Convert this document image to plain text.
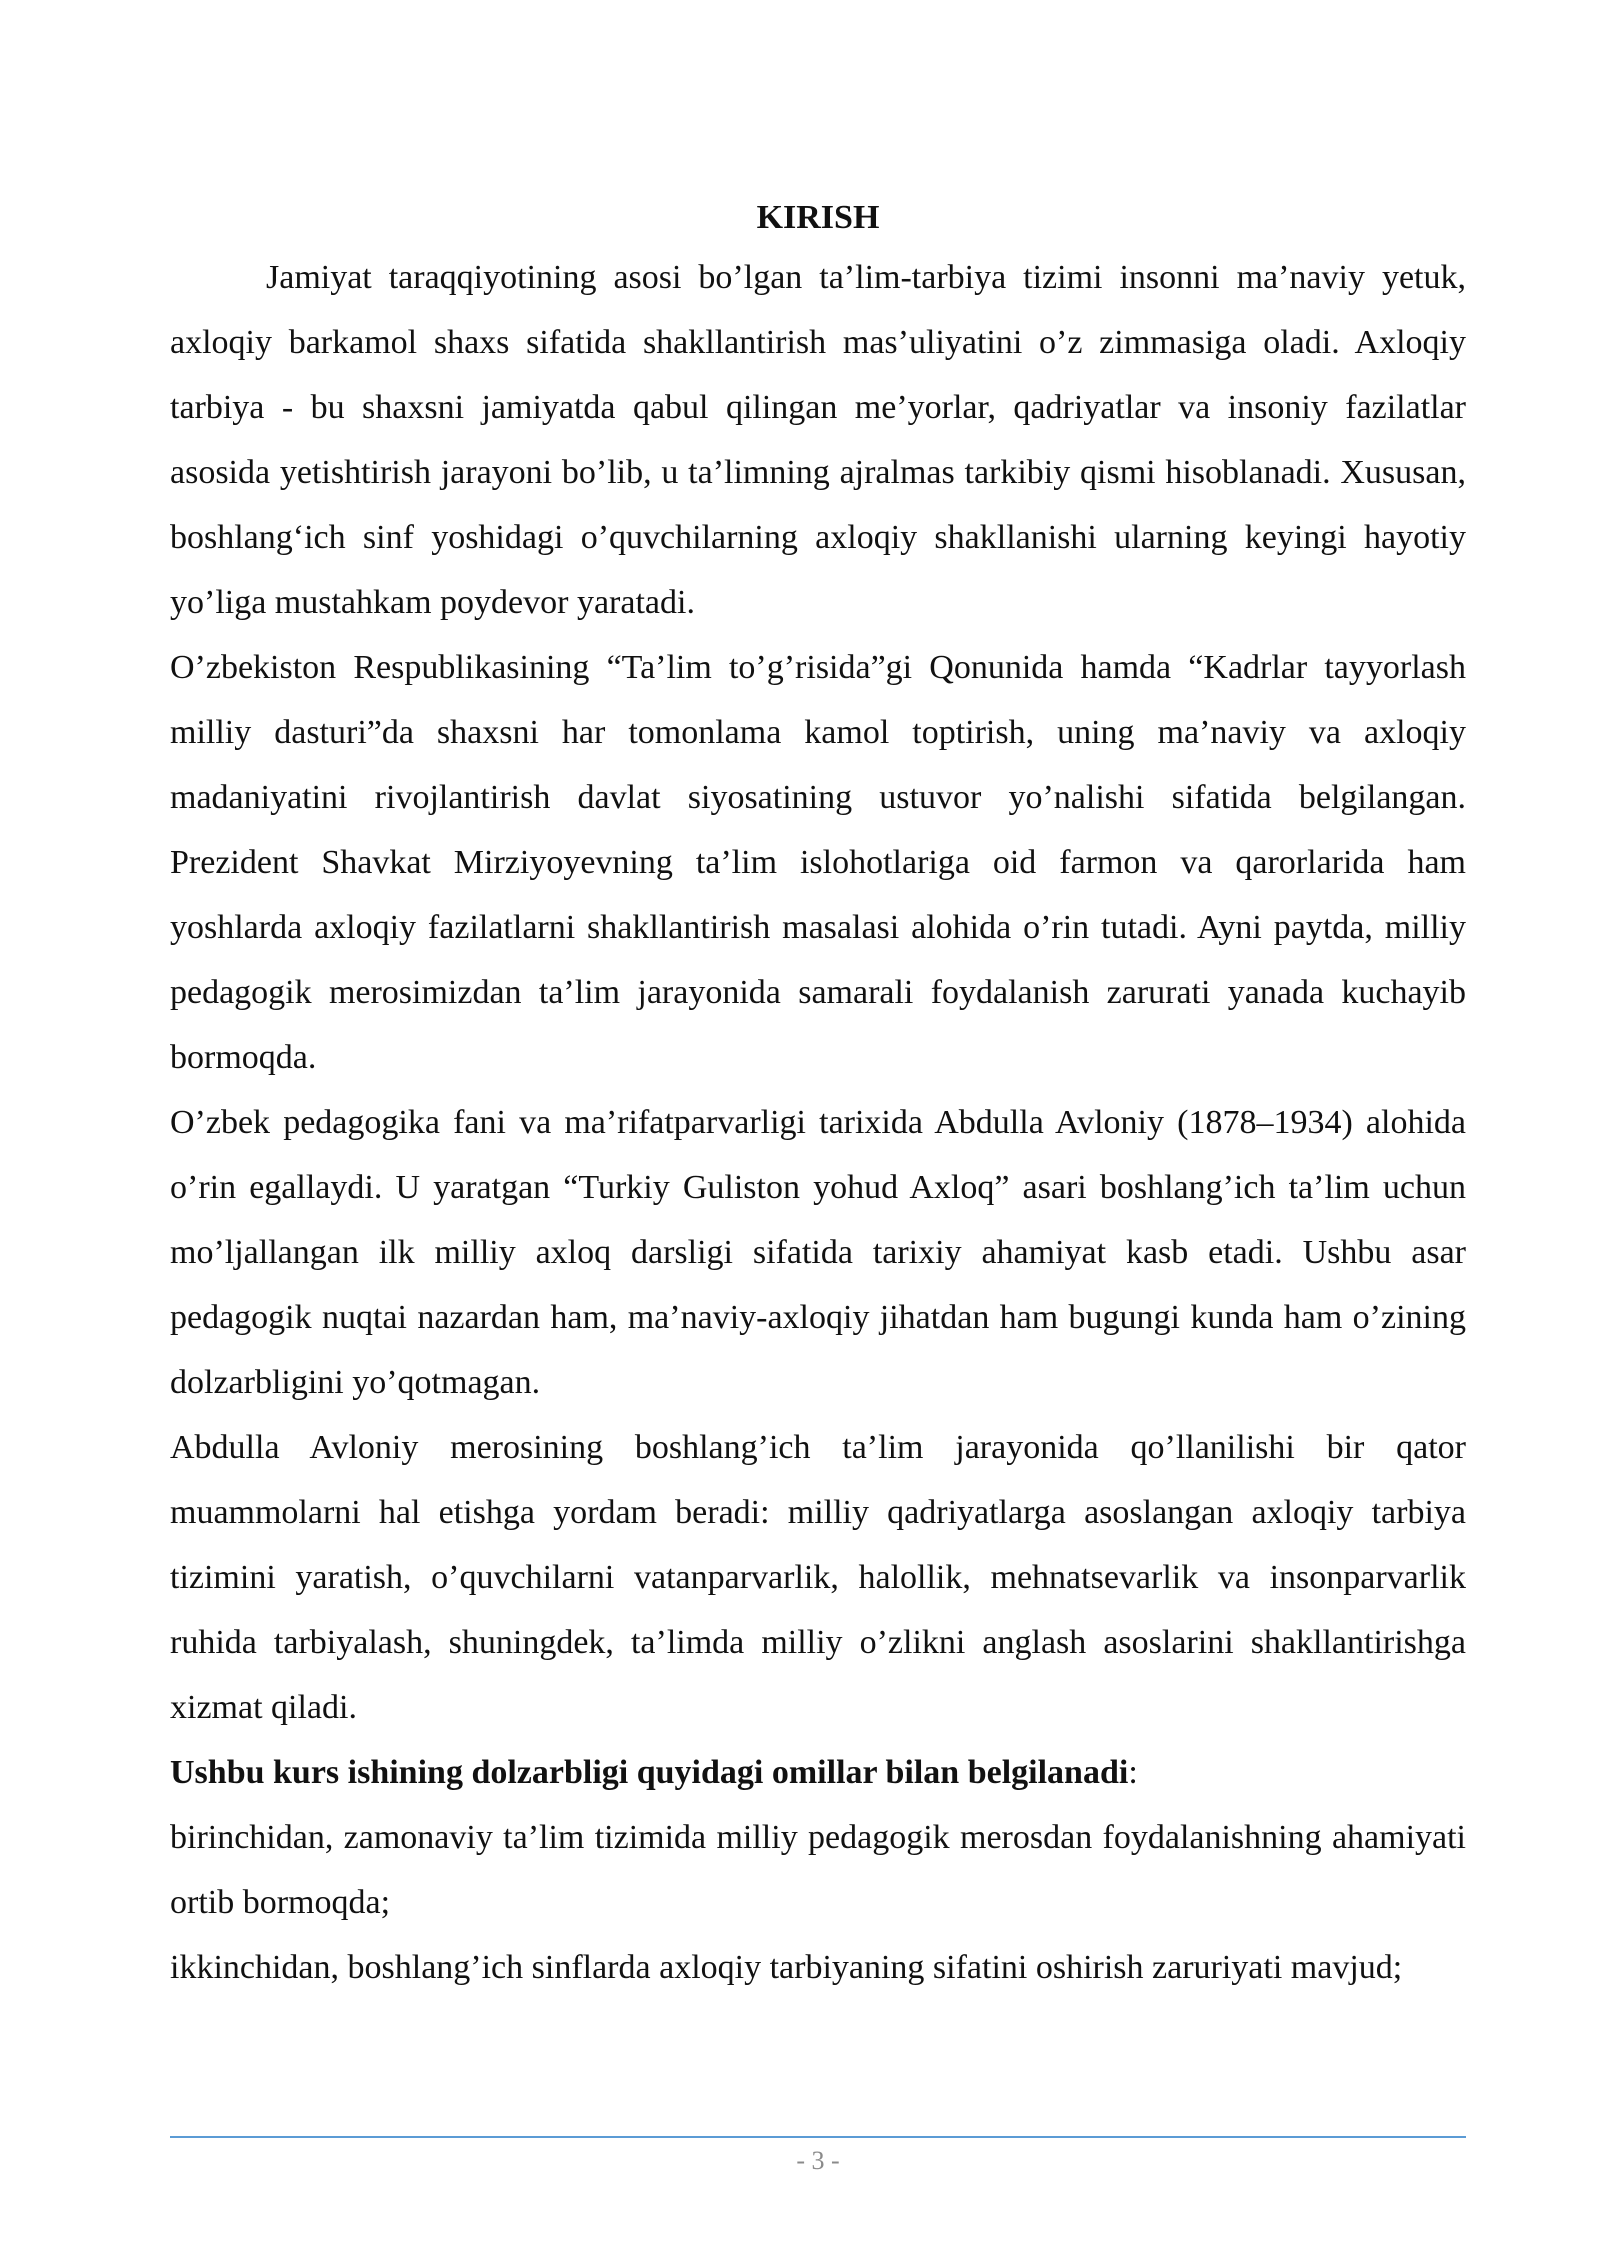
KIRISH

Jamiyat taraqqiyotining asosi bo’lgan ta’lim-tarbiya tizimi insonni ma’naviy yetuk, axloqiy barkamol shaxs sifatida shakllantirish mas’uliyatini o’z zimmasiga oladi. Axloqiy tarbiya - bu shaxsni jamiyatda qabul qilingan me’yorlar, qadriyatlar va insoniy fazilatlar asosida yetishtirish jarayoni bo’lib, u ta’limning ajralmas tarkibiy qismi hisoblanadi. Xususan, boshlang‘ich sinf yoshidagi o’quvchilarning axloqiy shakllanishi ularning keyingi hayotiy yo’liga mustahkam poydevor yaratadi.

O’zbekiston Respublikasining “Ta’lim to’g’risida”gi Qonunida hamda “Kadrlar tayyorlash milliy dasturi”da shaxsni har tomonlama kamol toptirish, uning ma’naviy va axloqiy madaniyatini rivojlantirish davlat siyosatining ustuvor yo’nalishi sifatida belgilangan. Prezident Shavkat Mirziyoyevning ta’lim islohotlariga oid farmon va qarorlarida ham yoshlarda axloqiy fazilatlarni shakllantirish masalasi alohida o’rin tutadi. Ayni paytda, milliy pedagogik merosimizdan ta’lim jarayonida samarali foydalanish zarurati yanada kuchayib bormoqda.

O’zbek pedagogika fani va ma’rifatparvarligi tarixida Abdulla Avloniy (1878–1934) alohida o’rin egallaydi. U yaratgan “Turkiy Guliston yohud Axloq” asari boshlang’ich ta’lim uchun mo’ljallangan ilk milliy axloq darsligi sifatida tarixiy ahamiyat kasb etadi. Ushbu asar pedagogik nuqtai nazardan ham, ma’naviy-axloqiy jihatdan ham bugungi kunda ham o’zining dolzarbligini yo’qotmagan.

Abdulla Avloniy merosining boshlang’ich ta’lim jarayonida qo’llanilishi bir qator muammolarni hal etishga yordam beradi: milliy qadriyatlarga asoslangan axloqiy tarbiya tizimini yaratish, o’quvchilarni vatanparvarlik, halollik, mehnatsevarlik va insonparvarlik ruhida tarbiyalash, shuningdek, ta’limda milliy o’zlikni anglash asoslarini shakllantirishga xizmat qiladi.

Ushbu kurs ishining dolzarbligi quyidagi omillar bilan belgilanadi:

birinchidan, zamonaviy ta’lim tizimida milliy pedagogik merosdan foydalanishning ahamiyati ortib bormoqda;

ikkinchidan, boshlang’ich sinflarda axloqiy tarbiyaning sifatini oshirish zaruriyati mavjud;

- 3 -
